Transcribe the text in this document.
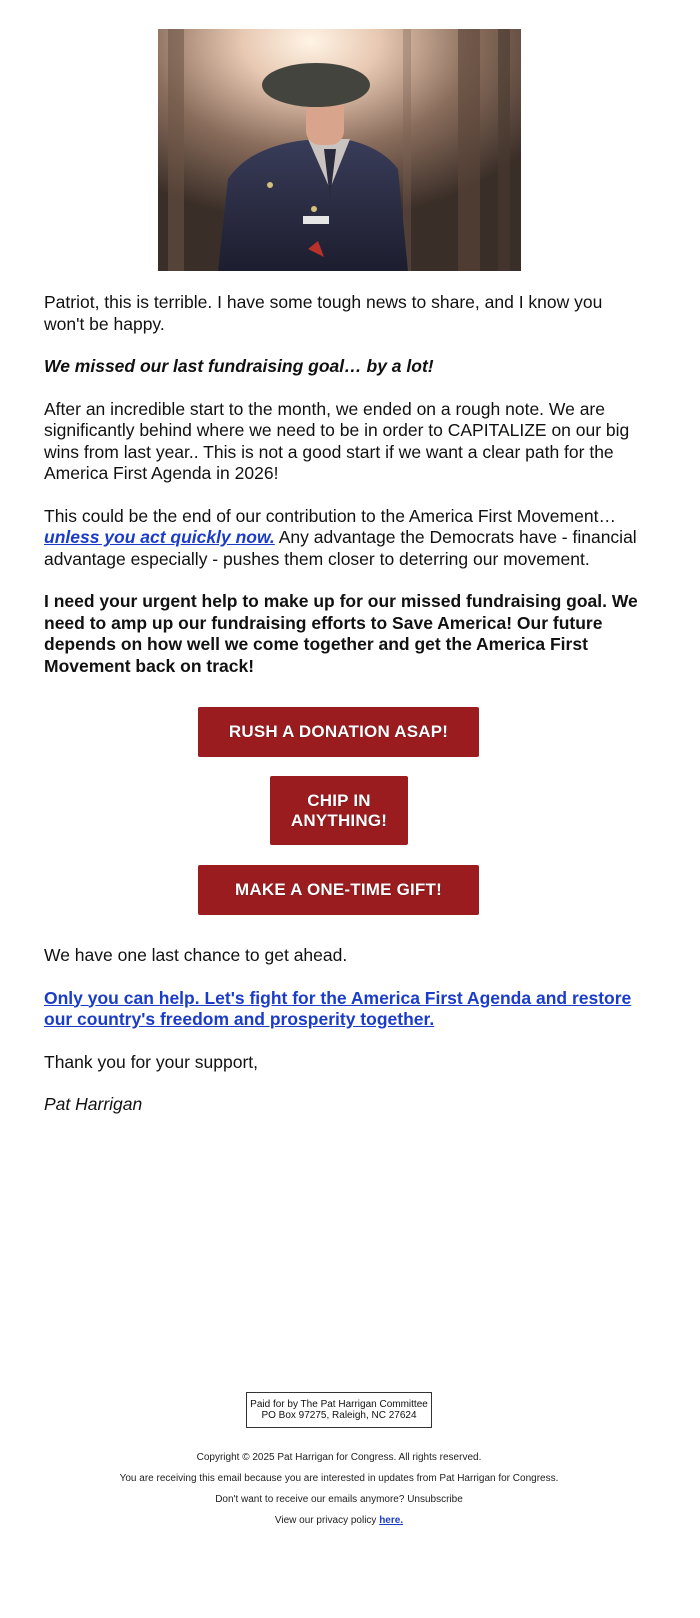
Patriot, this is terrible. I have some tough news to share, and I know you won't be happy.

We missed our last fundraising goal… by a lot!

After an incredible start to the month, we ended on a rough note. We are significantly behind where we need to be in order to CAPITALIZE on our big wins from last year.. This is not a good start if we want a clear path for the America First Agenda in 2026!

This could be the end of our contribution to the America First Movement… unless you act quickly now. Any advantage the Democrats have - financial advantage especially - pushes them closer to deterring our movement.

I need your urgent help to make up for our missed fundraising goal. We need to amp up our fundraising efforts to Save America! Our future depends on how well we come together and get the America First Movement back on track!

RUSH A DONATION ASAP!
CHIP IN ANYTHING!
MAKE A ONE-TIME GIFT!

We have one last chance to get ahead.

Only you can help. Let's fight for the America First Agenda and restore our country's freedom and prosperity together.

Thank you for your support,

Pat Harrigan

Paid for by The Pat Harrigan Committee
PO Box 97275, Raleigh, NC 27624
Copyright © 2025 Pat Harrigan for Congress. All rights reserved.
You are receiving this email because you are interested in updates from Pat Harrigan for Congress.
Don't want to receive our emails anymore? Unsubscribe
View our privacy policy here.
